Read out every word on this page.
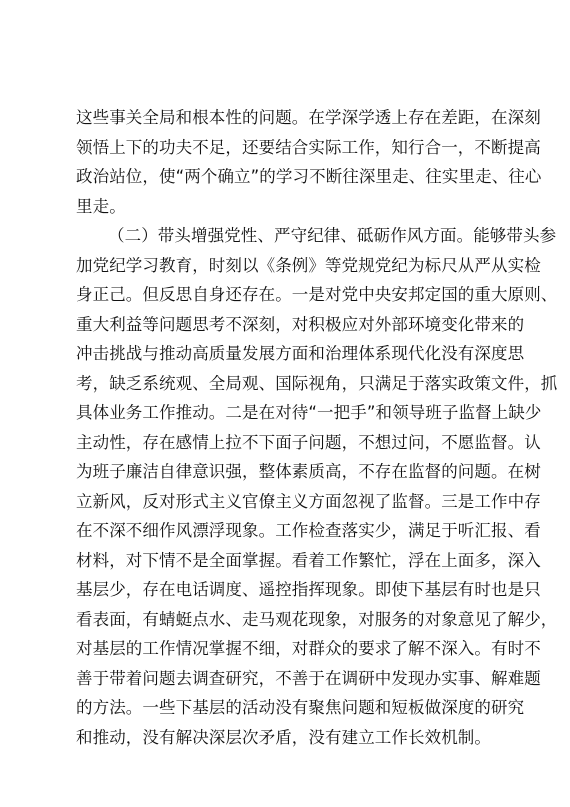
这些事关全局和根本性的问题。在学深学透上存在差距，在深刻
领悟上下的功夫不足，还要结合实际工作，知行合一，不断提高
政治站位，使“两个确立”的学习不断往深里走、往实里走、往心
里走。
（二）带头增强党性、严守纪律、砥砺作风方面。能够带头参
加党纪学习教育，时刻以《条例》等党规党纪为标尺从严从实检
身正己。但反思自身还存在。一是对党中央安邦定国的重大原则、
重大利益等问题思考不深刻，对积极应对外部环境变化带来的
冲击挑战与推动高质量发展方面和治理体系现代化没有深度思
考，缺乏系统观、全局观、国际视角，只满足于落实政策文件，抓
具体业务工作推动。二是在对待“一把手”和领导班子监督上缺少
主动性，存在感情上拉不下面子问题，不想过问，不愿监督。认
为班子廉洁自律意识强，整体素质高，不存在监督的问题。在树
立新风，反对形式主义官僚主义方面忽视了监督。三是工作中存
在不深不细作风漂浮现象。工作检查落实少，满足于听汇报、看
材料，对下情不是全面掌握。看着工作繁忙，浮在上面多，深入
基层少，存在电话调度、遥控指挥现象。即使下基层有时也是只
看表面，有蜻蜓点水、走马观花现象，对服务的对象意见了解少，
对基层的工作情况掌握不细，对群众的要求了解不深入。有时不
善于带着问题去调查研究，不善于在调研中发现办实事、解难题
的方法。一些下基层的活动没有聚焦问题和短板做深度的研究
和推动，没有解决深层次矛盾，没有建立工作长效机制。
